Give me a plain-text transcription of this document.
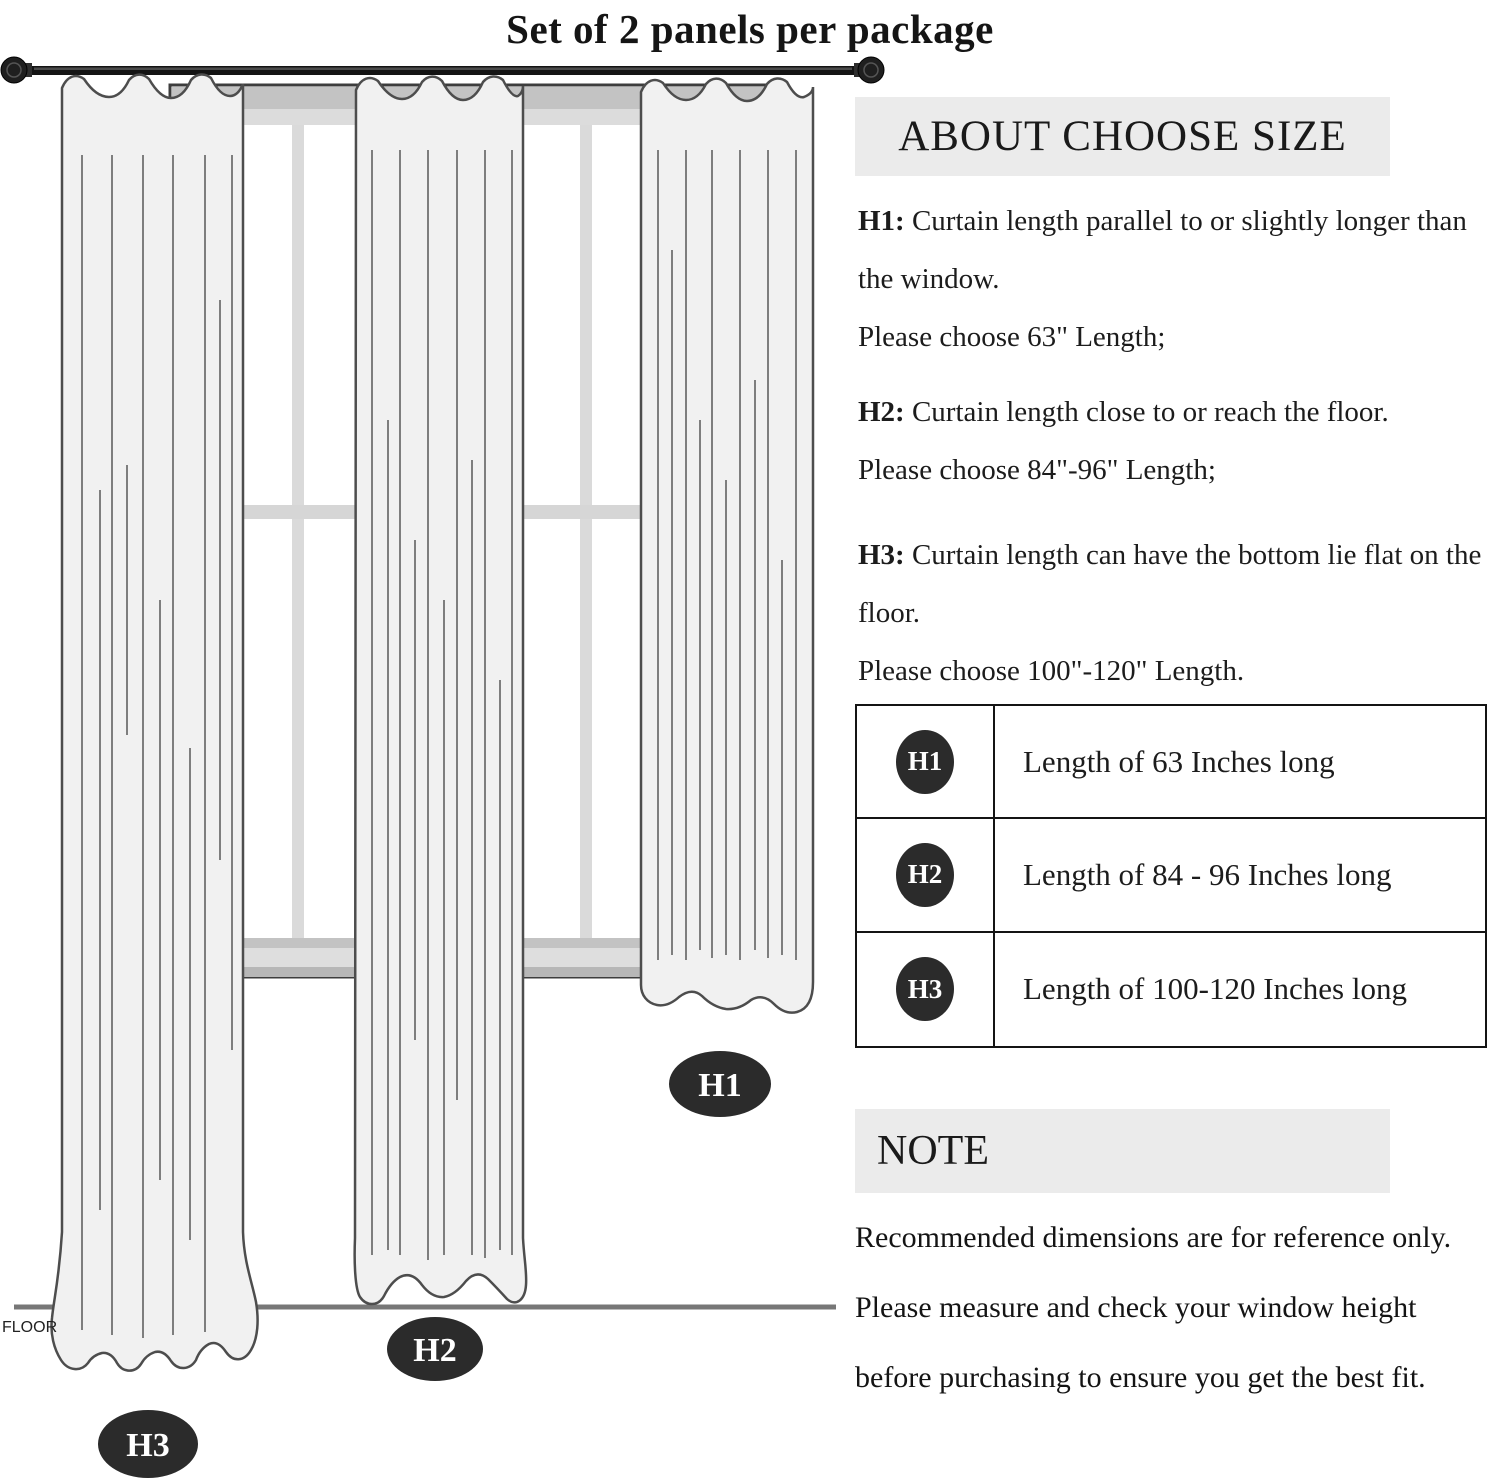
Set of 2 panels per package
H1
H2
H3
FLOOR
ABOUT CHOOSE SIZE
H1: Curtain length parallel to or slightly longer than the window.
Please choose 63" Length;
H2: Curtain length close to or reach the floor.
Please choose 84"-96" Length;
H3: Curtain length can have the bottom lie flat on the floor.
Please choose 100"-120" Length.
H1	Length of 63 Inches long
H2	Length of 84 - 96 Inches long
H3	Length of 100-120 Inches long
NOTE
Recommended dimensions are for reference only. Please measure and check your window height before purchasing to ensure you get the best fit.
